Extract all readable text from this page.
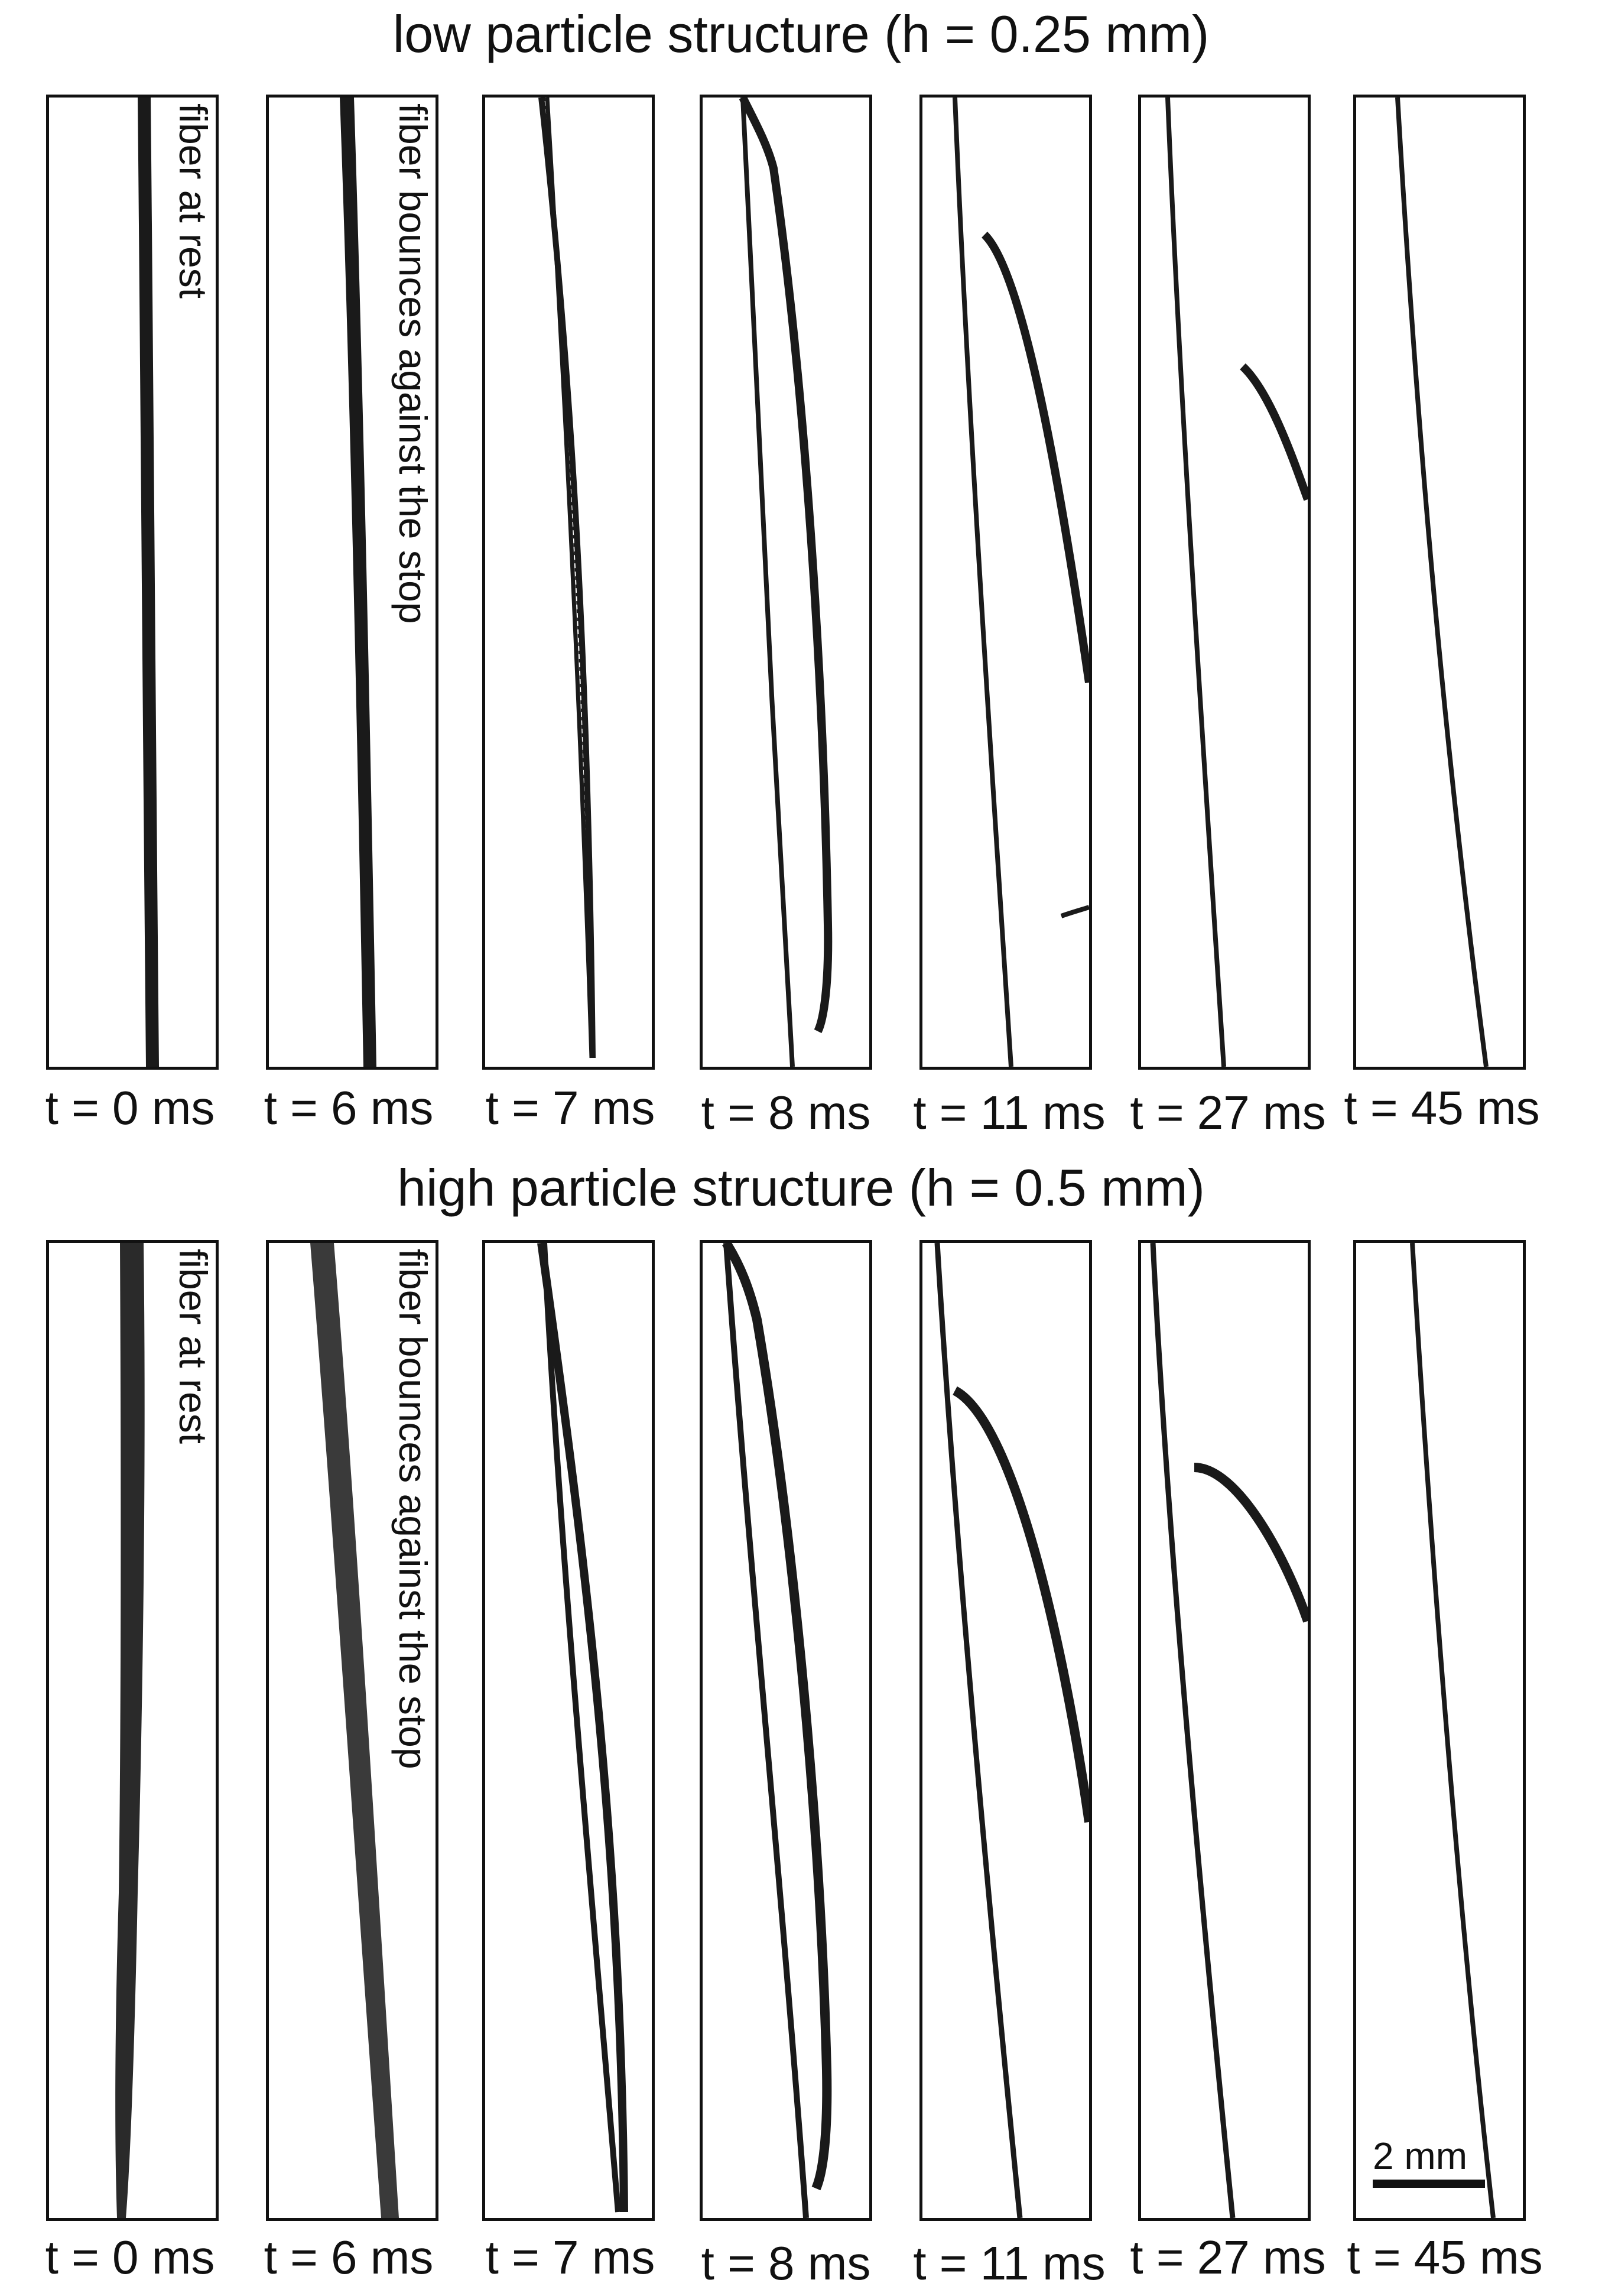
low particle structure (h = 0.25 mm)
high particle structure (h = 0.5 mm)
fiber at rest	fiber bounces against the stop
t = 0 ms	t = 6 ms	t = 7 ms t = 8 ms t = 11 ms t = 27 ms t = 45 ms
fiber at rest	fiber bounces against the stop
2 mm
t = 0 ms	t = 6 ms	t = 7 ms t = 8 ms t = 11 ms t = 27 ms t = 45 ms
